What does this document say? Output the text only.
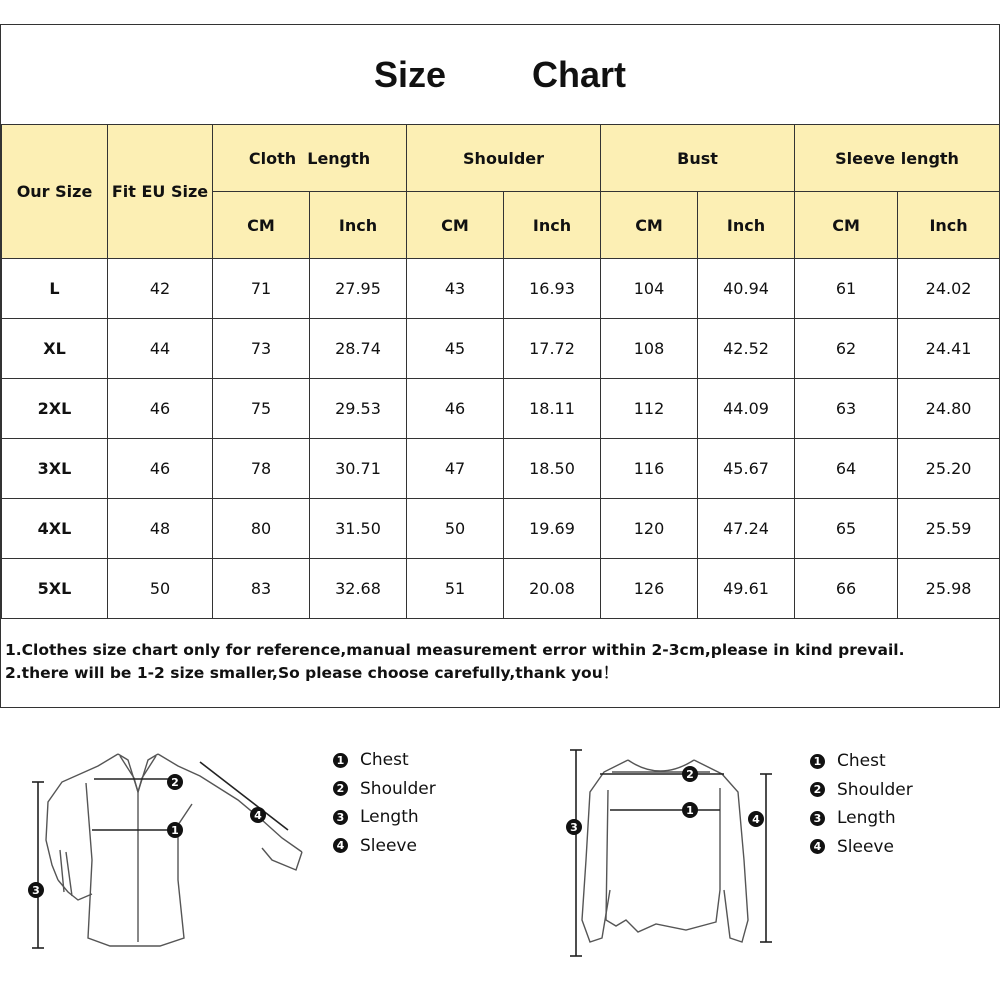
Size Chart
Our Size	Fit EU Size	Cloth  Length		Shoulder		Bust		Sleeve length	
		CM	Inch	CM	Inch	CM	Inch	CM	Inch
L	42	71	27.95	43	16.93	104	40.94	61	24.02
XL	44	73	28.74	45	17.72	108	42.52	62	24.41
2XL	46	75	29.53	46	18.11	112	44.09	63	24.80
3XL	46	78	30.71	47	18.50	116	45.67	64	25.20
4XL	48	80	31.50	50	19.69	120	47.24	65	25.59
5XL	50	83	32.68	51	20.08	126	49.61	66	25.98
1.Clothes size chart only for reference,manual measurement error within 2-3cm,please in kind prevail.
2.there will be 1-2 size smaller,So please choose carefully,thank you！
1
2
3
4	1
2
3
4
1 Chest
2 Shoulder
3 Length
4 Sleeve
1 Chest
2 Shoulder
3 Length
4 Sleeve
